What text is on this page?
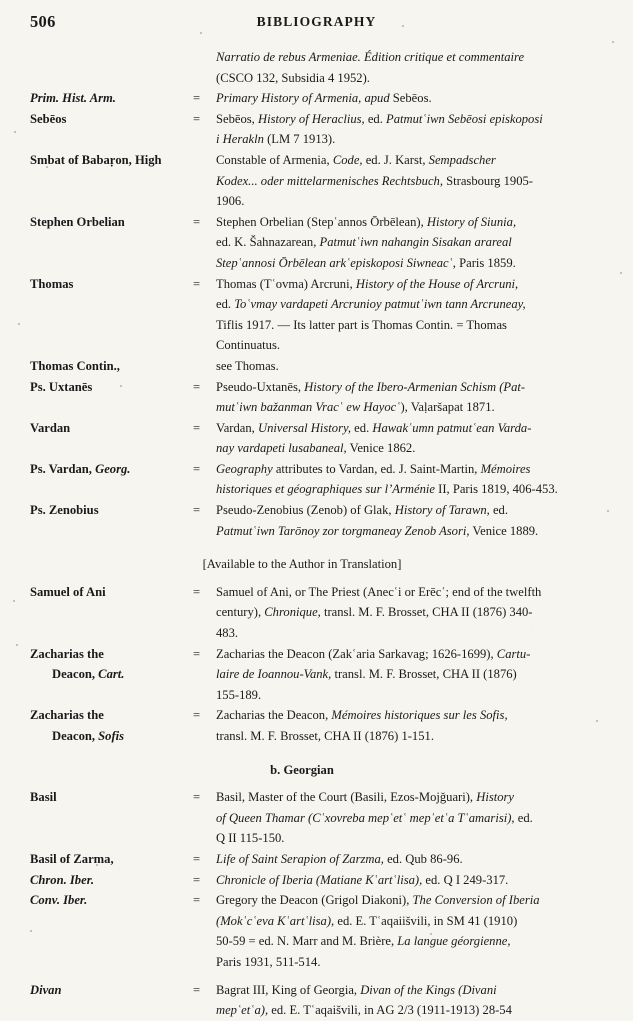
506	BIBLIOGRAPHY

Narratio de rebus Armeniae. Édition critique et commentaire

(CSCO 132, Subsidia 4 1952).

Prim. Hist. Arm.	=	Primary History of Armenia, apud Sebēos.

Sebēos	=	Sebēos, History of Heraclius, ed. Patmutʿiwn Sebēosi episkoposi

i Herakln (LM 7 1913).

Smbat of Babaṛon, High	Constable of Armenia, Code, ed. J. Karst, Sempadscher

Kodex... oder mittelarmenisches Rechtsbuch, Strasbourg 1905-

1906.

Stephen Orbelian	=	Stephen Orbelian (Stepʿannos Ōrbēlean), History of Siunia,

ed. K. Šahnazarean, Patmutʿiwn nahangin Sisakan arareal

Stepʿannosi Ōrbēlean arkʿepiskoposi Siwneacʿ, Paris 1859.

Thomas	=	Thomas (Tʿovma) Arcruni, History of the House of Arcruni,

ed. Toʿvmay vardapeti Arcrunioy patmutʿiwn tann Arcruneay,

Tiflis 1917. — Its latter part is Thomas Contin. = Thomas

Continuatus.

Thomas Contin.,	see Thomas.

Ps. Uxtanēs	=	Pseudo-Uxtanēs, History of the Ibero-Armenian Schism (Pat-

mutʿiwn bažanman Vracʿ ew Hayocʿ), Vaḷaršapat 1871.

Vardan	=	Vardan, Universal History, ed. Hawakʿumn patmutʿean Varda-

nay vardapeti lusabaneal, Venice 1862.

Ps. Vardan, Georg.	=	Geography attributes to Vardan, ed. J. Saint-Martin, Mémoires

historiques et géographiques sur l’Arménie II, Paris 1819, 406-453.

Ps. Zenobius	=	Pseudo-Zenobius (Zenob) of Glak, History of Tarawn, ed.

Patmutʿiwn Tarōnoy zor torgmaneay Zenob Asori, Venice 1889.

[Available to the Author in Translation]
Samuel of Ani	=	Samuel of Ani, or The Priest (Anecʿi or Erēcʿ; end of the twelfth

century), Chronique, transl. M. F. Brosset, CHA II (1876) 340-

483.

Zacharias the
Deacon, Cart.
=	Zacharias the Deacon (Zakʿaria Sarkavag; 1626-1699), Cartu-

laire de Ioannou-Vank, transl. M. F. Brosset, CHA II (1876)

155-189.

Zacharias the
Deacon, Sofis
=	Zacharias the Deacon, Mémoires historiques sur les Sofis,

transl. M. F. Brosset, CHA II (1876) 1-151.

b. Georgian
Basil	=	Basil, Master of the Court (Basili, Ezos-Mojǧuari), History

of Queen Thamar (Cʿxovreba mepʿetʿ mepʿetʿa Tʿamarisi), ed.

Q II 115-150.

Basil of Zarma,	=	Life of Saint Serapion of Zarzma, ed. Qub 86-96.

Chron. Iber.	=	Chronicle of Iberia (Matiane Kʿartʿlisa), ed. Q I 249-317.

Conv. Iber.	=	Gregory the Deacon (Grigol Diakoni), The Conversion of Iberia

(Mokʿcʿeva Kʿartʿlisa), ed. E. Tʿaqaiišvili, in SM 41 (1910)

50-59 = ed. N. Marr and M. Brière, La langue géorgienne,

Paris 1931, 511-514.

Divan	=	Bagrat III, King of Georgia, Divan of the Kings (Divani

mepʿetʿa), ed. E. Tʿaqaišvili, in AG 2/3 (1911-1913) 28-54
